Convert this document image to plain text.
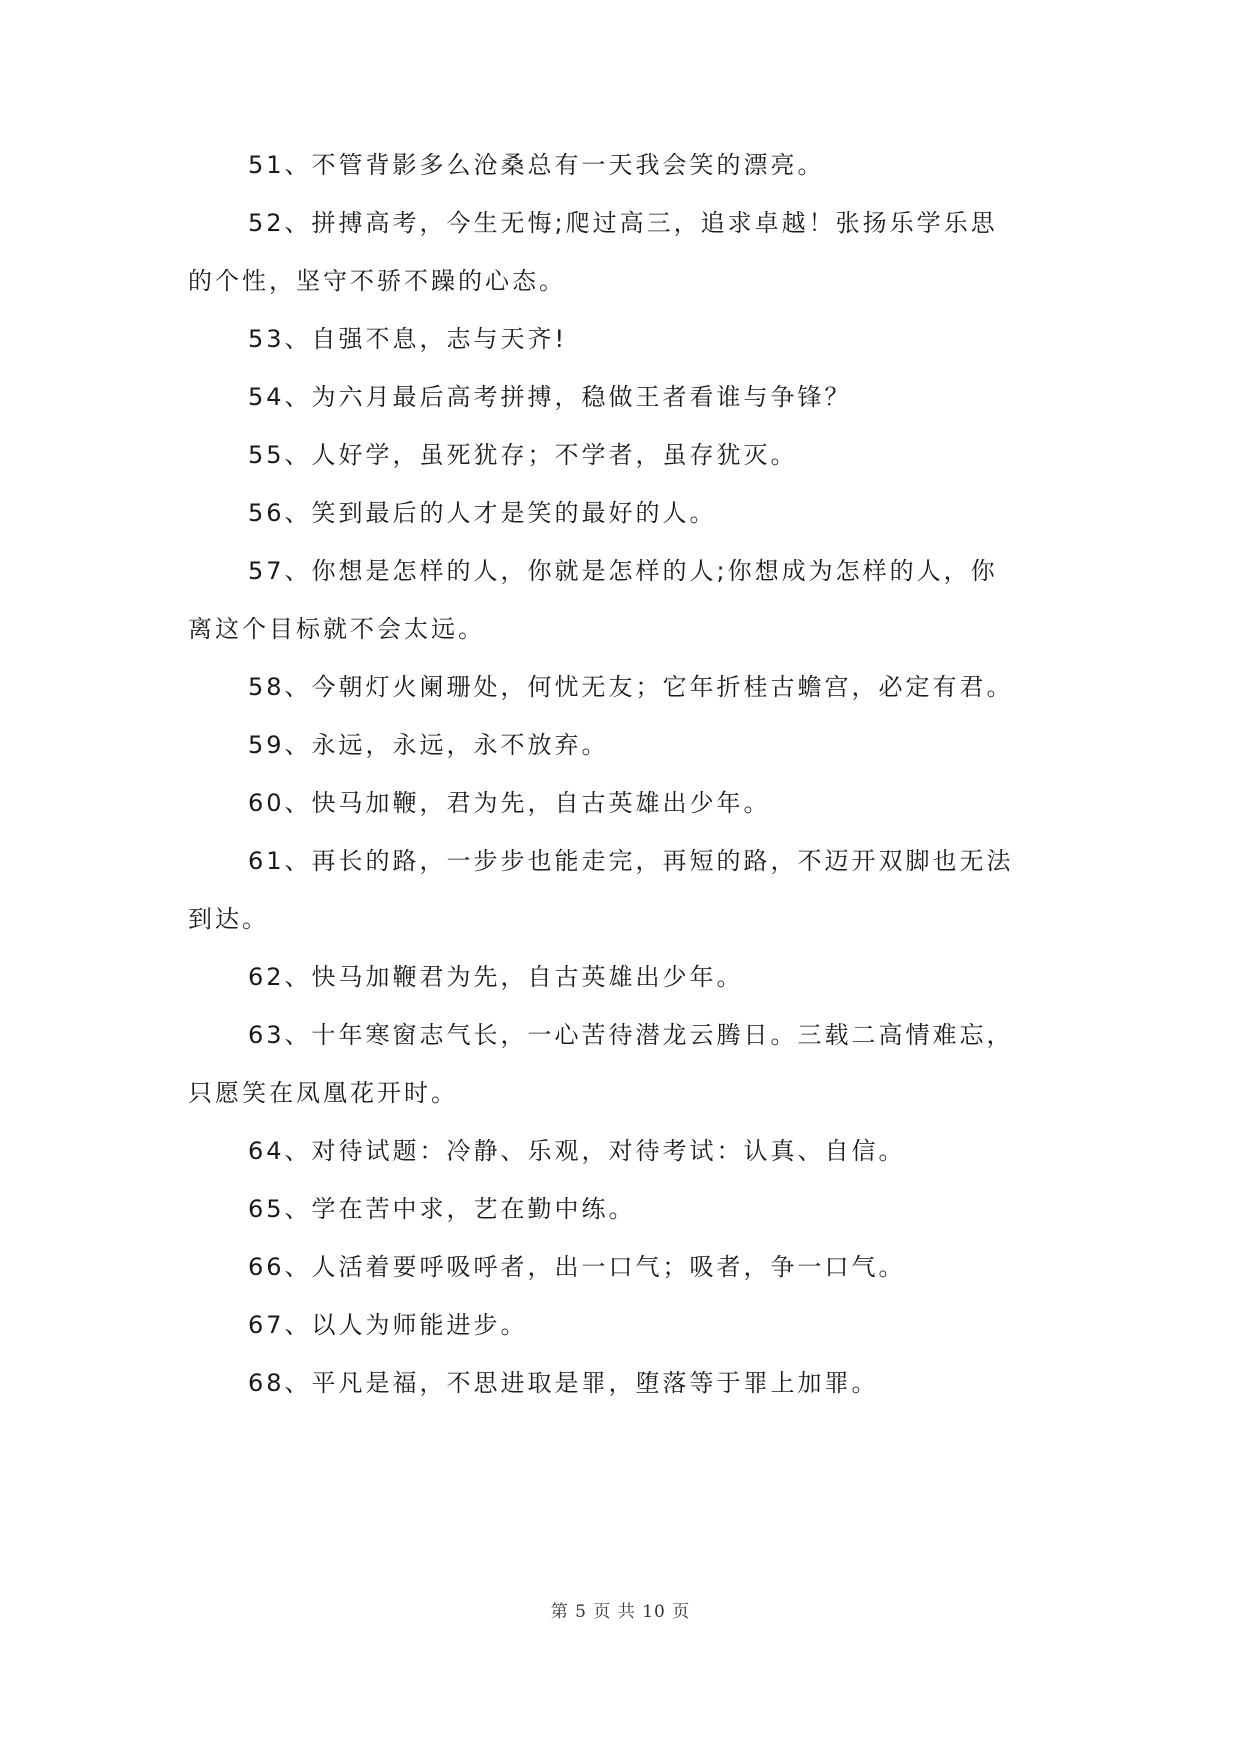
51、不管背影多么沧桑总有一天我会笑的漂亮。
52、拼搏高考，今生无悔;爬过高三，追求卓越！张扬乐学乐思
的个性，坚守不骄不躁的心态。
53、自强不息，志与天齐!
54、为六月最后高考拼搏，稳做王者看谁与争锋？
55、人好学，虽死犹存；不学者，虽存犹灭。
56、笑到最后的人才是笑的最好的人。
57、你想是怎样的人，你就是怎样的人;你想成为怎样的人，你
离这个目标就不会太远。
58、今朝灯火阑珊处，何忧无友；它年折桂古蟾宫，必定有君。
59、永远，永远，永不放弃。
60、快马加鞭，君为先，自古英雄出少年。
61、再长的路，一步步也能走完，再短的路，不迈开双脚也无法
到达。
62、快马加鞭君为先，自古英雄出少年。
63、十年寒窗志气长，一心苦待潜龙云腾日。三载二高情难忘，
只愿笑在凤凰花开时。
64、对待试题：冷静、乐观，对待考试：认真、自信。
65、学在苦中求，艺在勤中练。
66、人活着要呼吸呼者，出一口气；吸者，争一口气。
67、以人为师能进步。
68、平凡是福，不思进取是罪，堕落等于罪上加罪。
第 5 页 共 10 页
